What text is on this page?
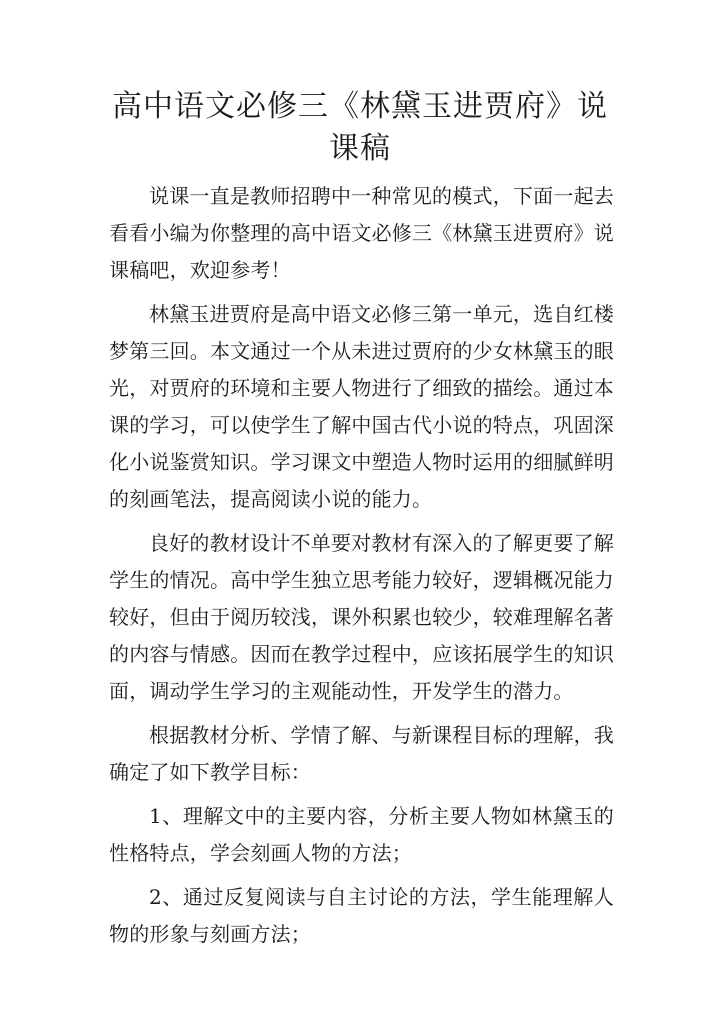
高中语文必修三《林黛玉进贾府》说课稿

说课一直是教师招聘中一种常见的模式，下面一起去看看小编为你整理的高中语文必修三《林黛玉进贾府》说课稿吧，欢迎参考！

林黛玉进贾府是高中语文必修三第一单元，选自红楼梦第三回。本文通过一个从未进过贾府的少女林黛玉的眼光，对贾府的环境和主要人物进行了细致的描绘。通过本课的学习，可以使学生了解中国古代小说的特点，巩固深化小说鉴赏知识。学习课文中塑造人物时运用的细腻鲜明的刻画笔法，提高阅读小说的能力。

良好的教材设计不单要对教材有深入的了解更要了解学生的情况。高中学生独立思考能力较好，逻辑概况能力较好，但由于阅历较浅，课外积累也较少，较难理解名著的内容与情感。因而在教学过程中，应该拓展学生的知识面，调动学生学习的主观能动性，开发学生的潜力。

根据教材分析、学情了解、与新课程目标的理解，我确定了如下教学目标：

1、理解文中的主要内容，分析主要人物如林黛玉的性格特点，学会刻画人物的方法；

2、通过反复阅读与自主讨论的方法，学生能理解人物的形象与刻画方法；
